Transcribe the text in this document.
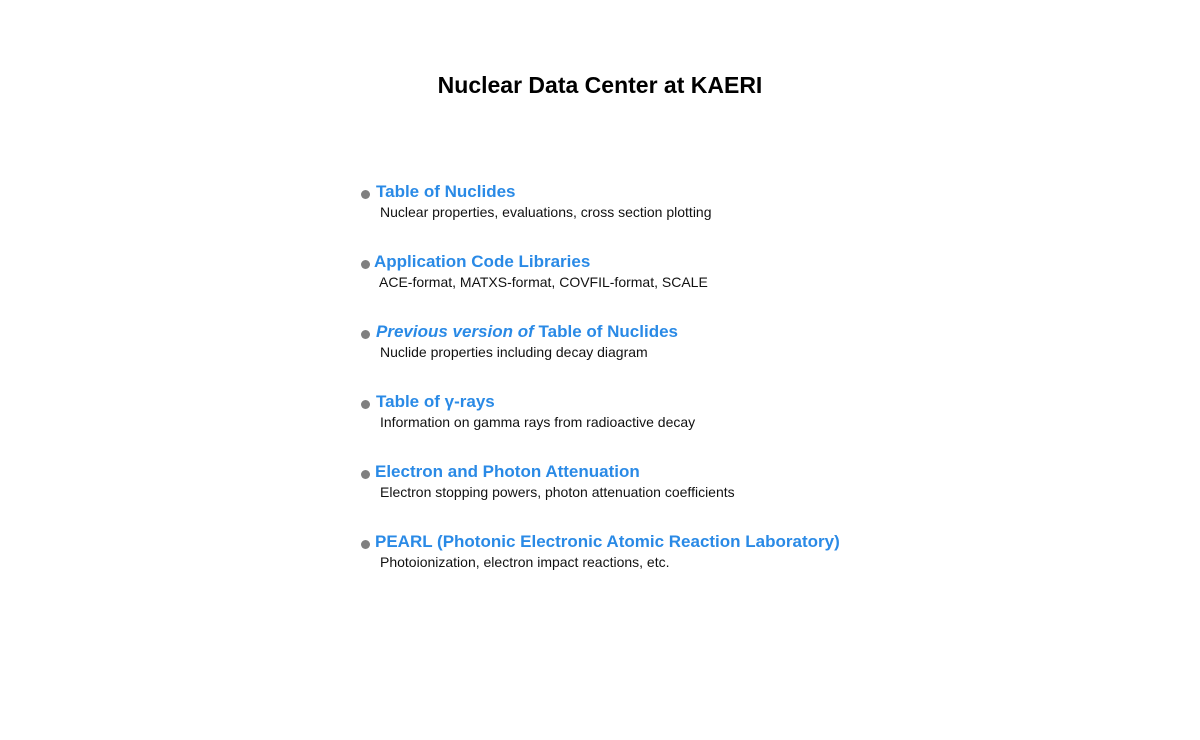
Nuclear Data Center at KAERI
Table of Nuclides
Nuclear properties, evaluations, cross section plotting
Application Code Libraries
ACE-format, MATXS-format, COVFIL-format, SCALE
Previous version of Table of Nuclides
Nuclide properties including decay diagram
Table of γ-rays
Information on gamma rays from radioactive decay
Electron and Photon Attenuation
Electron stopping powers, photon attenuation coefficients
PEARL (Photonic Electronic Atomic Reaction Laboratory)
Photoionization, electron impact reactions, etc.
